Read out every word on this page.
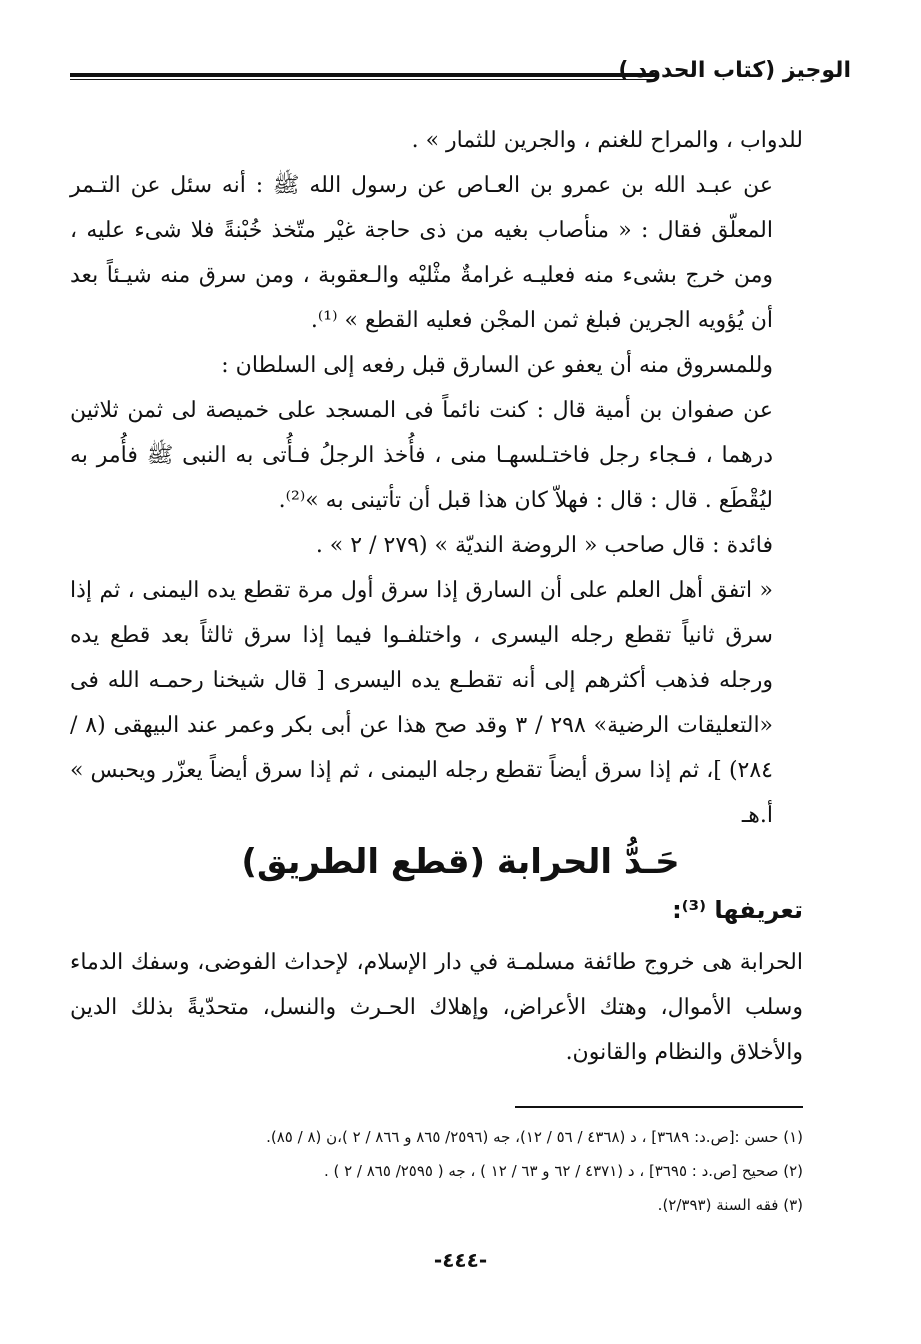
الوجيز (كتاب الحدود )

للدواب ، والمراح للغنم ، والجرين للثمار » .

عن عبـد الله بن عمرو بن العـاص عن رسول الله ﷺ : أنه سئل عن التـمر المعلّق فقال : « منأصاب بغيه من ذى حاجة غيْر متّخذ خُبْنةً فلا شىء عليه ، ومن خرج بشىء منه فعليـه غرامةٌ مثْليْه والـعقوبة ، ومن سرق منه شيـئاً بعد أن يُؤويه الجرين فبلغ ثمن المجْن فعليه القطع » ⁽¹⁾.

وللمسروق منه أن يعفو عن السارق قبل رفعه إلى السلطان :

عن صفوان بن أمية قال : كنت نائماً فى المسجد على خميصة لى ثمن ثلاثين درهما ، فـجاء رجل فاختـلسهـا منى ، فأُخذ الرجلُ فـأُتى به النبى ﷺ فأُمر به ليُقْطَع . قال : قال : فهلاّ كان هذا قبل أن تأتينى به »⁽²⁾.

فائدة : قال صاحب « الروضة النديّة » (٢٧٩ / ٢ » .

« اتفق أهل العلم على أن السارق إذا سرق أول مرة تقطع يده اليمنى ، ثم إذا سرق ثانياً تقطع رجله اليسرى ، واختلفـوا فيما إذا سرق ثالثاً بعد قطع يده ورجله فذهب أكثرهم إلى أنه تقطـع يده اليسرى [ قال شيخنا رحمـه الله فى «التعليقات الرضية» ٢٩٨ / ٣ وقد صح هذا عن أبى بكر وعمر عند البيهقى (٨ / ٢٨٤) ]، ثم إذا سرق أيضاً تقطع رجله اليمنى ، ثم إذا سرق أيضاً يعزّر ويحبس » أ.هـ

حَـدُّ الحرابة (قطع الطريق)
تعريفها ⁽³⁾:

الحرابة هى خروج طائفة مسلمـة في دار الإسلام، لإحداث الفوضى، وسفك الدماء وسلب الأموال، وهتك الأعراض، وإهلاك الحـرث والنسل، متحدّيةً بذلك الدين والأخلاق والنظام والقانون.

(١) حسن :[ص.د: ٣٦٨٩] ، د (٤٣٦٨ / ٥٦ / ١٢)، جه (٢٥٩٦/ ٨٦٥ و ٨٦٦ / ٢ )،ن (٨ / ٨٥).

(٢) صحيح [ص.د : ٣٦٩٥] ، د (٤٣٧١ / ٦٢ و ٦٣ / ١٢ ) ، جه ( ٢٥٩٥/ ٨٦٥ / ٢ ) .

(٣) فقه السنة (٢/٣٩٣).

-٤٤٤-
